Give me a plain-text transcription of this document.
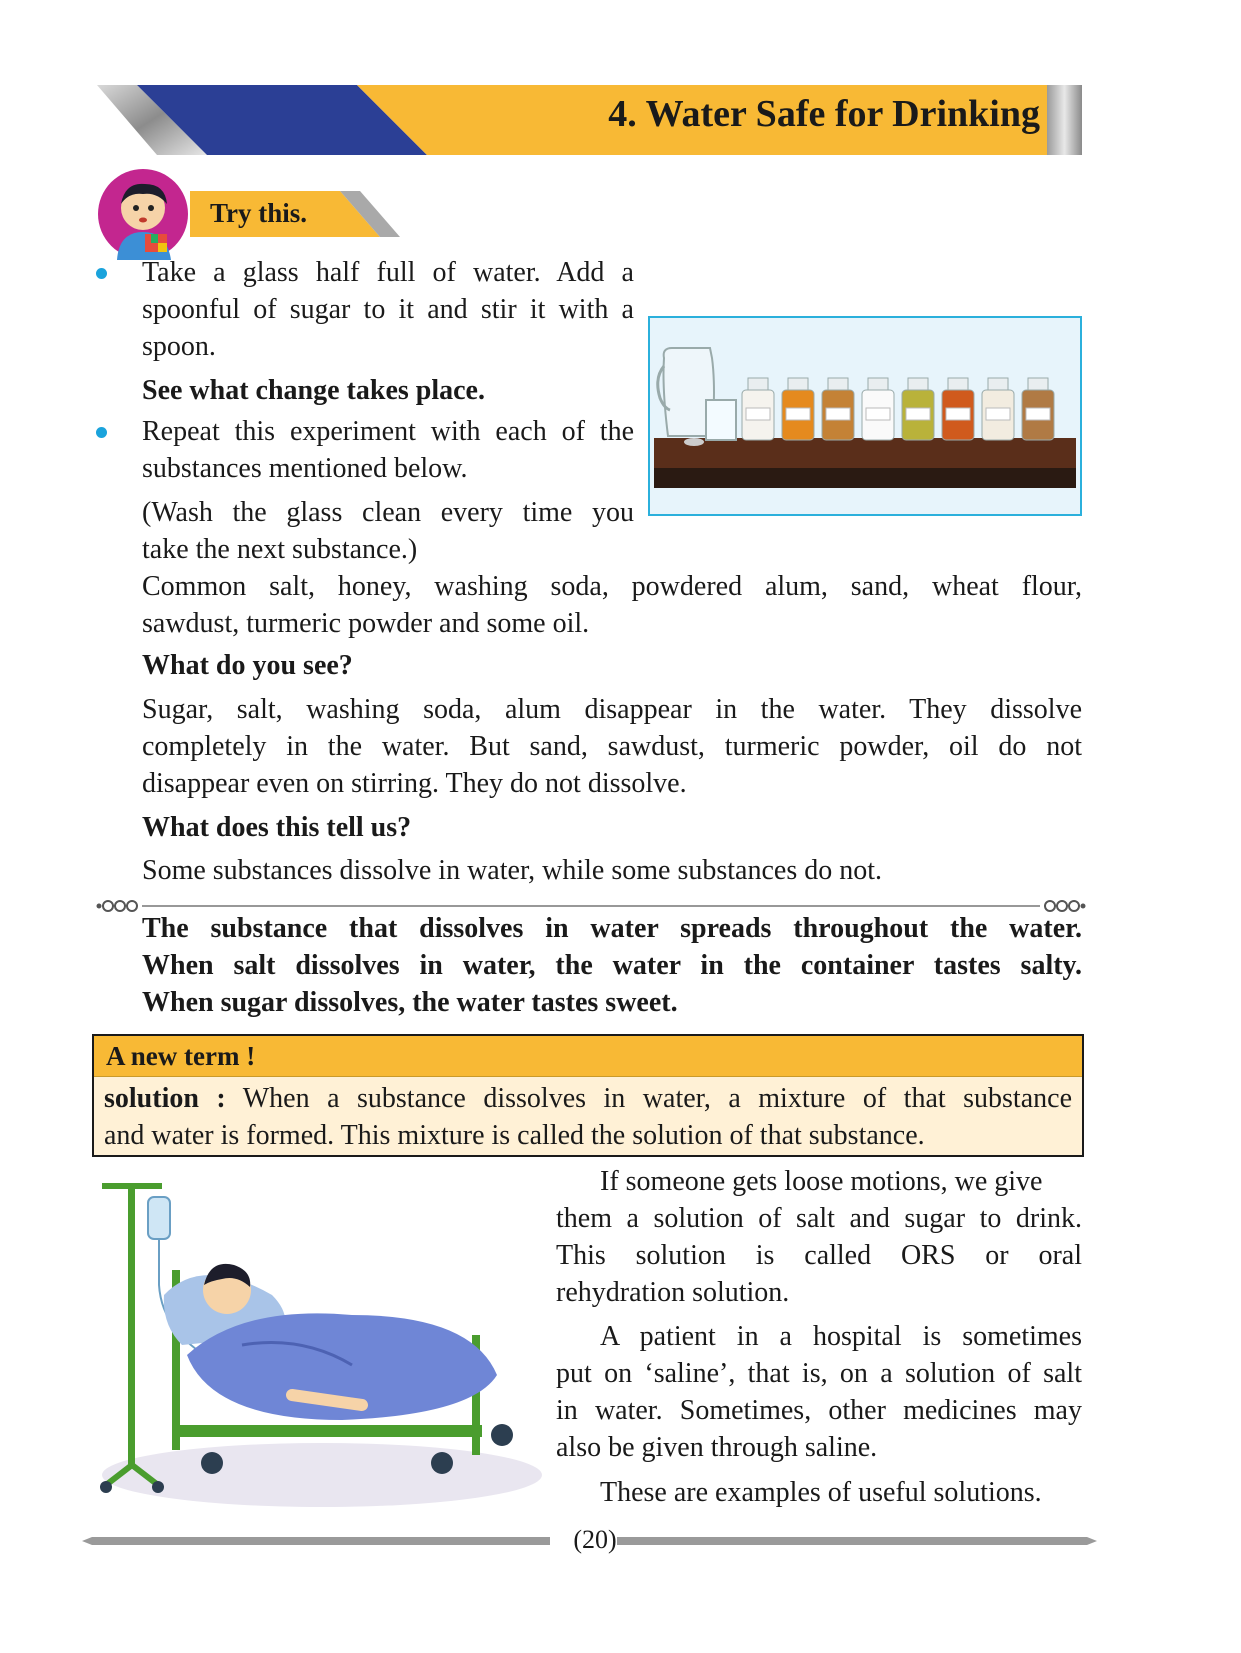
4. Water Safe for Drinking
Try this.
Take a glass half full of water. Add a
spoonful of sugar to it and stir it with a
spoon.
See what change takes place.
Repeat this experiment with each of the
substances mentioned below.
(Wash the glass clean every time you
take the next substance.)
Common salt, honey, washing soda, powdered alum, sand, wheat flour,
sawdust, turmeric powder and some oil.
What do you see?
Sugar, salt, washing soda, alum disappear in the water. They dissolve
completely in the water. But sand, sawdust, turmeric powder, oil do not
disappear even on stirring. They do not dissolve.
What does this tell us?
Some substances dissolve in water, while some substances do not.
The substance that dissolves in water spreads throughout the water.
When salt dissolves in water, the water in the container tastes salty.
When sugar dissolves, the water tastes sweet.
A new term !
solution : When a substance dissolves in water, a mixture of that substance
and water is formed. This mixture is called the solution of that substance.
If someone gets loose motions, we give
them a solution of salt and sugar to drink.
This solution is called ORS or oral
rehydration solution.
A patient in a hospital is sometimes
put on ‘saline’, that is, on a solution of salt
in water. Sometimes, other medicines may
also be given through saline.
These are examples of useful solutions.
(20)
